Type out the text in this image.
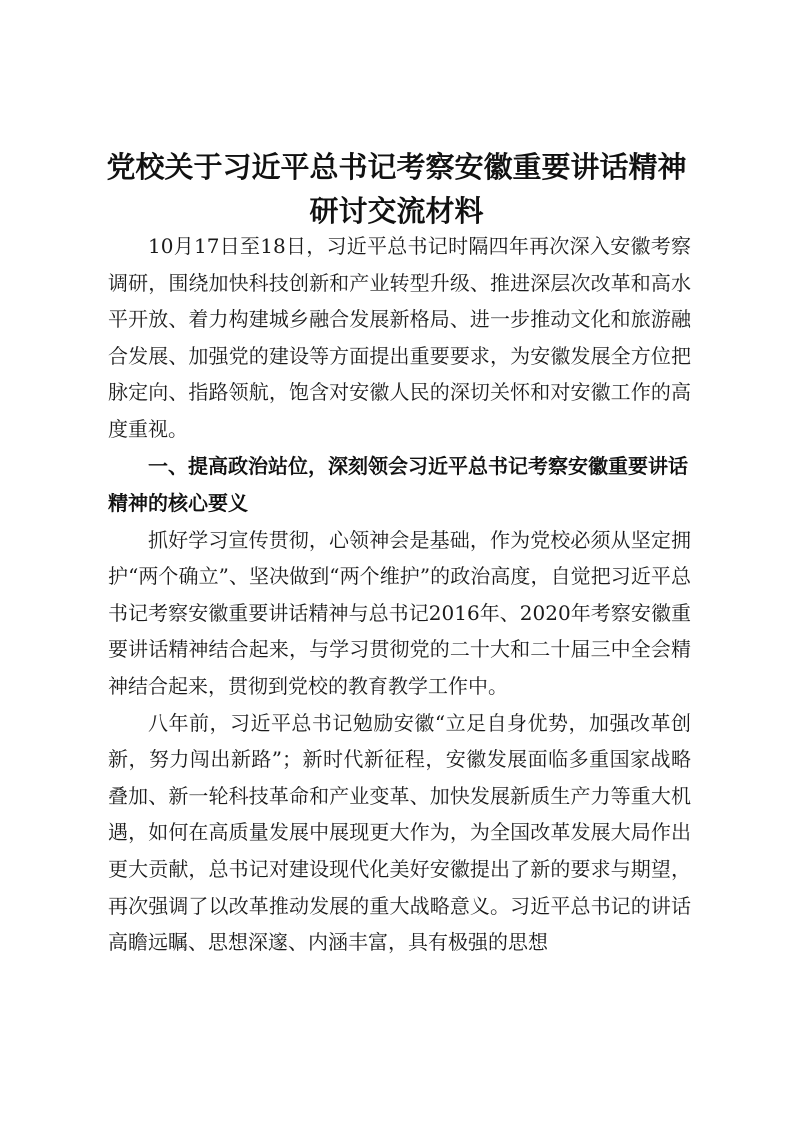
党校关于习近平总书记考察安徽重要讲话精神
研讨交流材料

10月17日至18日，习近平总书记时隔四年再次深入安徽考察调研，围绕加快科技创新和产业转型升级、推进深层次改革和高水平开放、着力构建城乡融合发展新格局、进一步推动文化和旅游融合发展、加强党的建设等方面提出重要要求，为安徽发展全方位把脉定向、指路领航，饱含对安徽人民的深切关怀和对安徽工作的高度重视。

一、提高政治站位，深刻领会习近平总书记考察安徽重要讲话精神的核心要义

抓好学习宣传贯彻，心领神会是基础，作为党校必须从坚定拥护“两个确立”、坚决做到“两个维护”的政治高度，自觉把习近平总书记考察安徽重要讲话精神与总书记2016年、2020年考察安徽重要讲话精神结合起来，与学习贯彻党的二十大和二十届三中全会精神结合起来，贯彻到党校的教育教学工作中。

八年前，习近平总书记勉励安徽“立足自身优势，加强改革创新，努力闯出新路”；新时代新征程，安徽发展面临多重国家战略叠加、新一轮科技革命和产业变革、加快发展新质生产力等重大机遇，如何在高质量发展中展现更大作为，为全国改革发展大局作出更大贡献，总书记对建设现代化美好安徽提出了新的要求与期望，再次强调了以改革推动发展的重大战略意义。习近平总书记的讲话高瞻远瞩、思想深邃、内涵丰富，具有极强的思想
